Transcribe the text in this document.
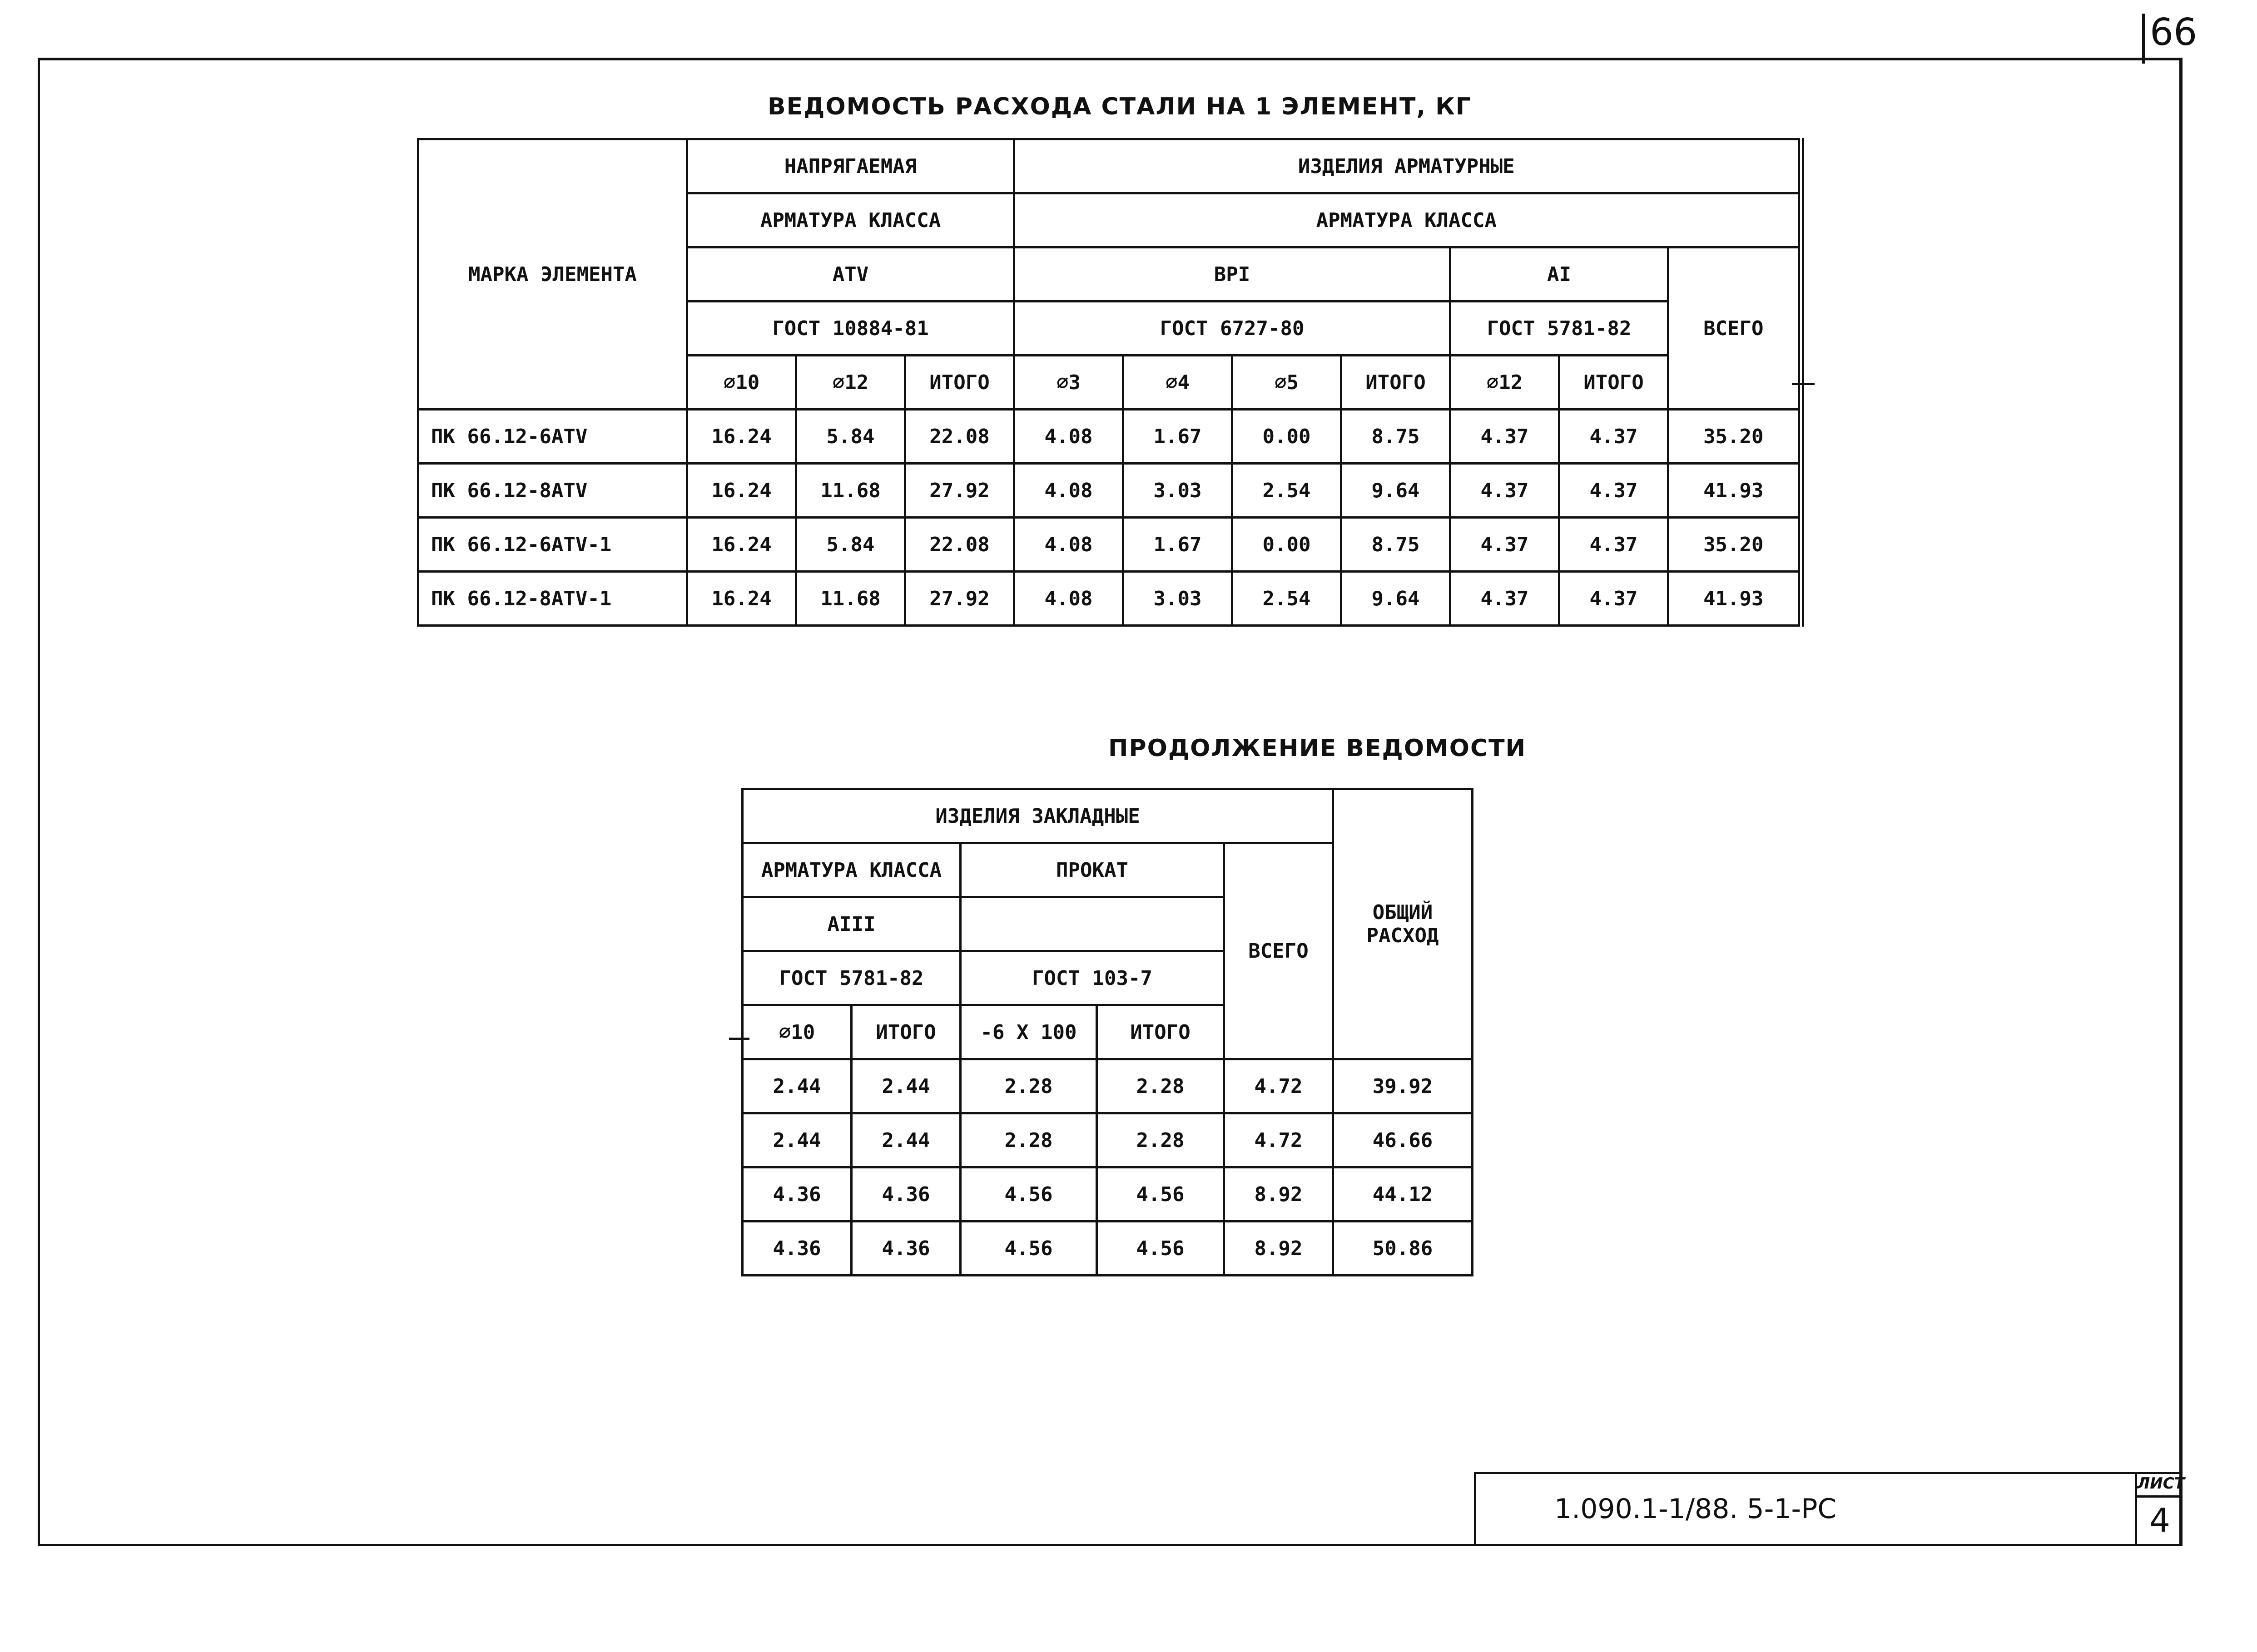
66
ВЕДОМОСТЬ РАСХОДА СТАЛИ НА 1 ЭЛЕМЕНТ, КГ
МАРКА ЭЛЕМЕНТА	НАПРЯГАЕМАЯ			ИЗДЕЛИЯ АРМАТУРНЫЕ						
	АРМАТУРА КЛАССА			АРМАТУРА КЛАССА						
	АТV			ВРI				АI		ВСЕГО
	ГОСТ 10884-81			ГОСТ 6727-80				ГОСТ 5781-82		
	∅10	∅12	ИТОГО	∅3	∅4	∅5	ИТОГО	∅12	ИТОГО	
ПК 66.12-6АТV	16.24	5.84	22.08	4.08	1.67	0.00	8.75	4.37	4.37	35.20
ПК 66.12-8АТV	16.24	11.68	27.92	4.08	3.03	2.54	9.64	4.37	4.37	41.93
ПК 66.12-6АТV-1	16.24	5.84	22.08	4.08	1.67	0.00	8.75	4.37	4.37	35.20
ПК 66.12-8АТV-1	16.24	11.68	27.92	4.08	3.03	2.54	9.64	4.37	4.37	41.93
ПРОДОЛЖЕНИЕ ВЕДОМОСТИ
ИЗДЕЛИЯ ЗАКЛАДНЫЕ					ОБЩИЙ
РАСХОД
АРМАТУРА КЛАССА		ПРОКАТ		ВСЕГО	
АIII					
ГОСТ 5781-82		ГОСТ 103-7			
∅10	ИТОГО	-6 Х 100	ИТОГО		
2.44	2.44	2.28	2.28	4.72	39.92
2.44	2.44	2.28	2.28	4.72	46.66
4.36	4.36	4.56	4.56	8.92	44.12
4.36	4.36	4.56	4.56	8.92	50.86
1.090.1-1/88. 5-1-РС
ЛИСТ
4
